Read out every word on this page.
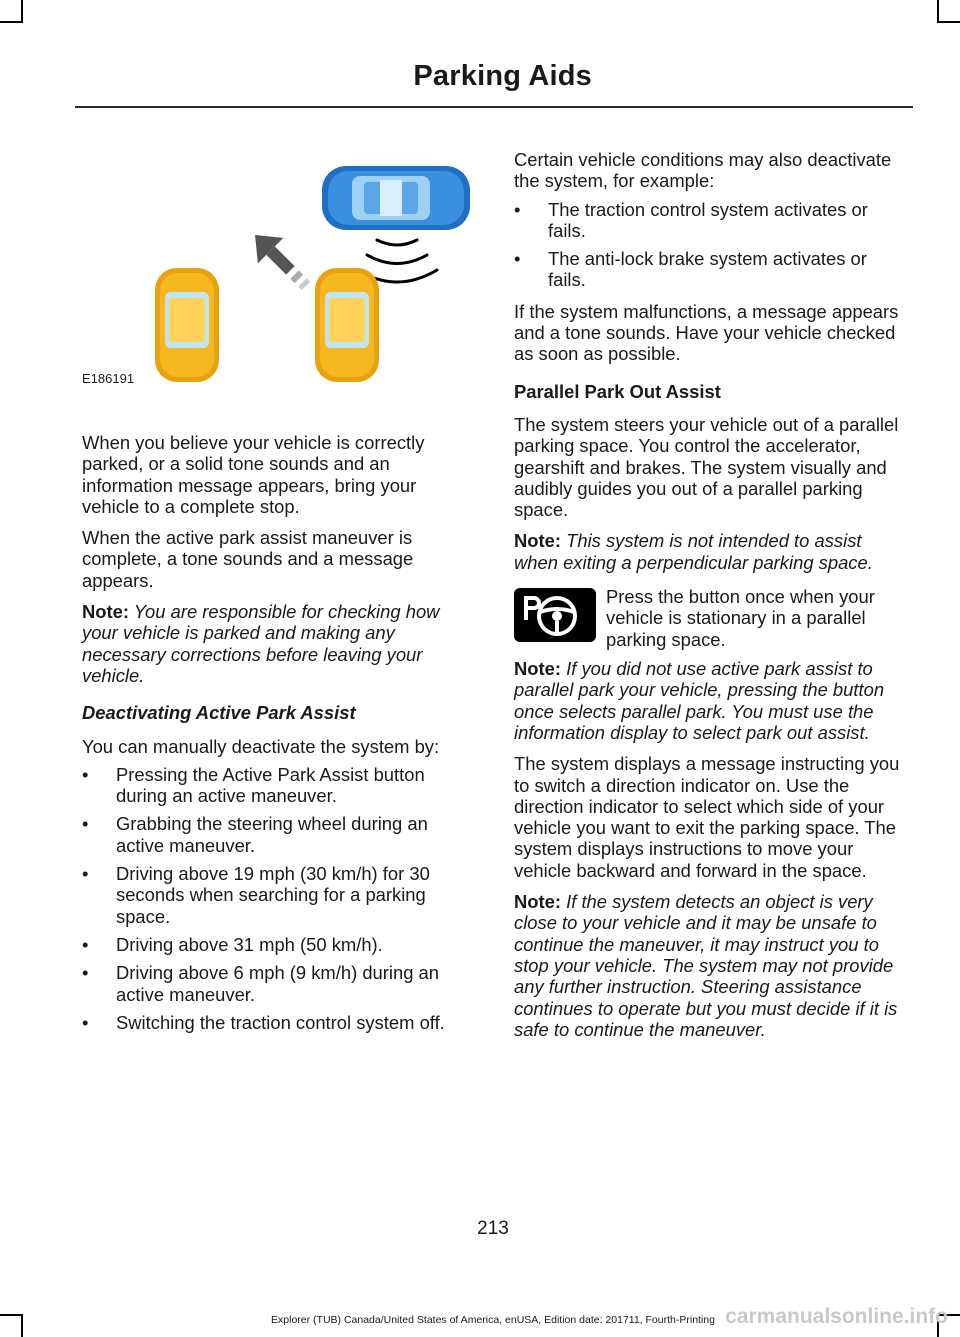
Parking Aids
E186191

When you believe your vehicle is correctly parked, or a solid tone sounds and an information message appears, bring your vehicle to a complete stop.

When the active park assist maneuver is complete, a tone sounds and a message appears.

Note: You are responsible for checking how your vehicle is parked and making any necessary corrections before leaving your vehicle.

Deactivating Active Park Assist

You can manually deactivate the system by:

• Pressing the Active Park Assist button during an active maneuver.
• Grabbing the steering wheel during an active maneuver.
• Driving above 19 mph (30 km/h) for 30 seconds when searching for a parking space.
• Driving above 31 mph (50 km/h).
• Driving above 6 mph (9 km/h) during an active maneuver.
• Switching the traction control system off.

Certain vehicle conditions may also deactivate the system, for example:

• The traction control system activates or fails.
• The anti-lock brake system activates or fails.

If the system malfunctions, a message appears and a tone sounds. Have your vehicle checked as soon as possible.

Parallel Park Out Assist

The system steers your vehicle out of a parallel parking space. You control the accelerator, gearshift and brakes. The system visually and audibly guides you out of a parallel parking space.

Note: This system is not intended to assist when exiting a perpendicular parking space.

Press the button once when your vehicle is stationary in a parallel parking space.

Note: If you did not use active park assist to parallel park your vehicle, pressing the button once selects parallel park. You must use the information display to select park out assist.

The system displays a message instructing you to switch a direction indicator on. Use the direction indicator to select which side of your vehicle you want to exit the parking space. The system displays instructions to move your vehicle backward and forward in the space.

Note: If the system detects an object is very close to your vehicle and it may be unsafe to continue the maneuver, it may instruct you to stop your vehicle. The system may not provide any further instruction. Steering assistance continues to operate but you must decide if it is safe to continue the maneuver.

213
Explorer (TUB) Canada/United States of America, enUSA, Edition date: 201711, Fourth-Printing carmanualsonline.info
